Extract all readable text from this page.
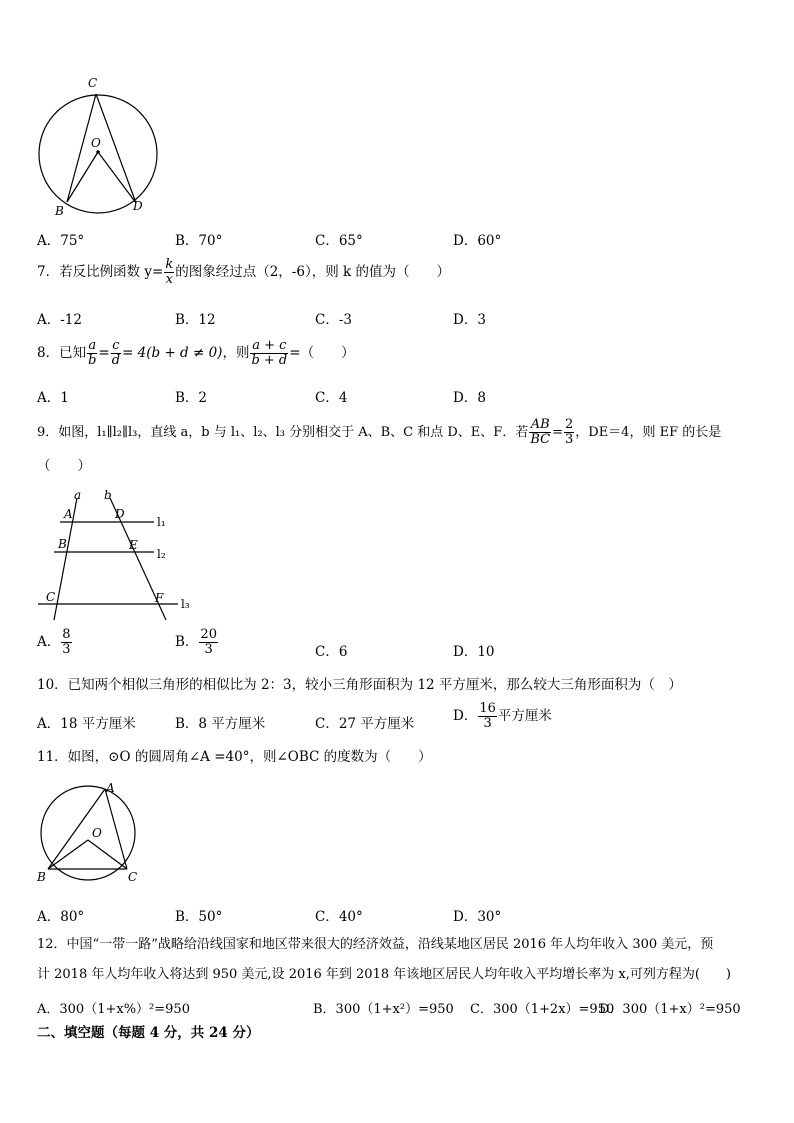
C
O
B	D
A．75°	B．70°	C．65°	D．60°
7．若反比例函数 $y= \frac{k}{x}$ 的图象经过点（2，-6），则 k 的值为（　　）
A．-12	B．12	C．-3	D．3
8．已知 $\frac{a}{b} = \frac{c}{d} = 4(b + d \ne 0)$，则 $\frac{a + c}{b + d}$ =（　　）
A．1	B．2	C．4	D．8
9．如图，l₁∥l₂∥l₃，直线 a，b 与 l₁、l₂、l₃ 分别相交于 A、B、C 和点 D、E、F．若 $\frac{AB}{BC} = \frac{2}{3}$ ，DE＝4，则 EF 的长是
（　　）
a b
A	D
l₁
B	E
l₂
C	F l₃
A． $\frac{8}{3}$	B． $\frac{20}{3}$	C．6	D．10
10．已知两个相似三角形的相似比为 2：3，较小三角形面积为 12 平方厘米，那么较大三角形面积为（　）
A．18 平方厘米	B．8 平方厘米	C．27 平方厘米	D． $\frac{16}{3}$ 平方厘米
11．如图，⊙O 的圆周角∠A =40°，则∠OBC 的度数为（　　）
A
O
B	C
A．80°	B．50°	C．40°	D．30°
12．中国“一带一路”战略给沿线国家和地区带来很大的经济效益，沿线某地区居民 2016 年人均年收入 300 美元，预
计 2018 年人均年收入将达到 950 美元,设 2016 年到 2018 年该地区居民人均年收入平均增长率为 x,可列方程为(　　)
A．300（1+x%）²=950	B．300（1+x²）=950 C．300（1+2x）=950
D．300（1+x）²=950
二、填空题（每题 4 分，共 24 分）
